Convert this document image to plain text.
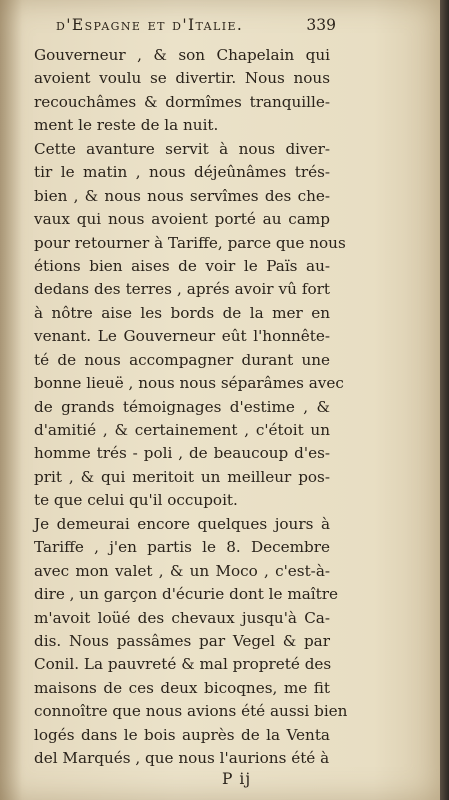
d'Espagne et d'Italie.	339
Gouverneur , & son Chapelain qui
avoient voulu se divertir. Nous nous
recouchâmes & dormîmes tranquille-
ment le reste de la nuit.
Cette avanture servit à nous diver-
tir le matin , nous déjeûnâmes trés-
bien , & nous nous servîmes des che-
vaux qui nous avoient porté au camp
pour retourner à Tariffe, parce que nous
étions bien aises de voir le Païs au-
dedans des terres , aprés avoir vû fort
à nôtre aise les bords de la mer en
venant. Le Gouverneur eût l'honnête-
té de nous accompagner durant une
bonne lieuë , nous nous séparâmes avec
de grands témoignages d'estime , &
d'amitié , & certainement , c'étoit un
homme trés - poli , de beaucoup d'es-
prit , & qui meritoit un meilleur pos-
te que celui qu'il occupoit.
Je demeurai encore quelques jours à
Tariffe , j'en partis le 8. Decembre
avec mon valet , & un Moco , c'est-à-
dire , un garçon d'écurie dont le maître
m'avoit loüé des chevaux jusqu'à Ca-
dis. Nous passâmes par Vegel & par
Conil. La pauvreté & mal propreté des
maisons de ces deux bicoqnes, me fit
connoître que nous avions été aussi bien
logés dans le bois auprès de la Venta
del Marqués , que nous l'aurions été à
P ij
